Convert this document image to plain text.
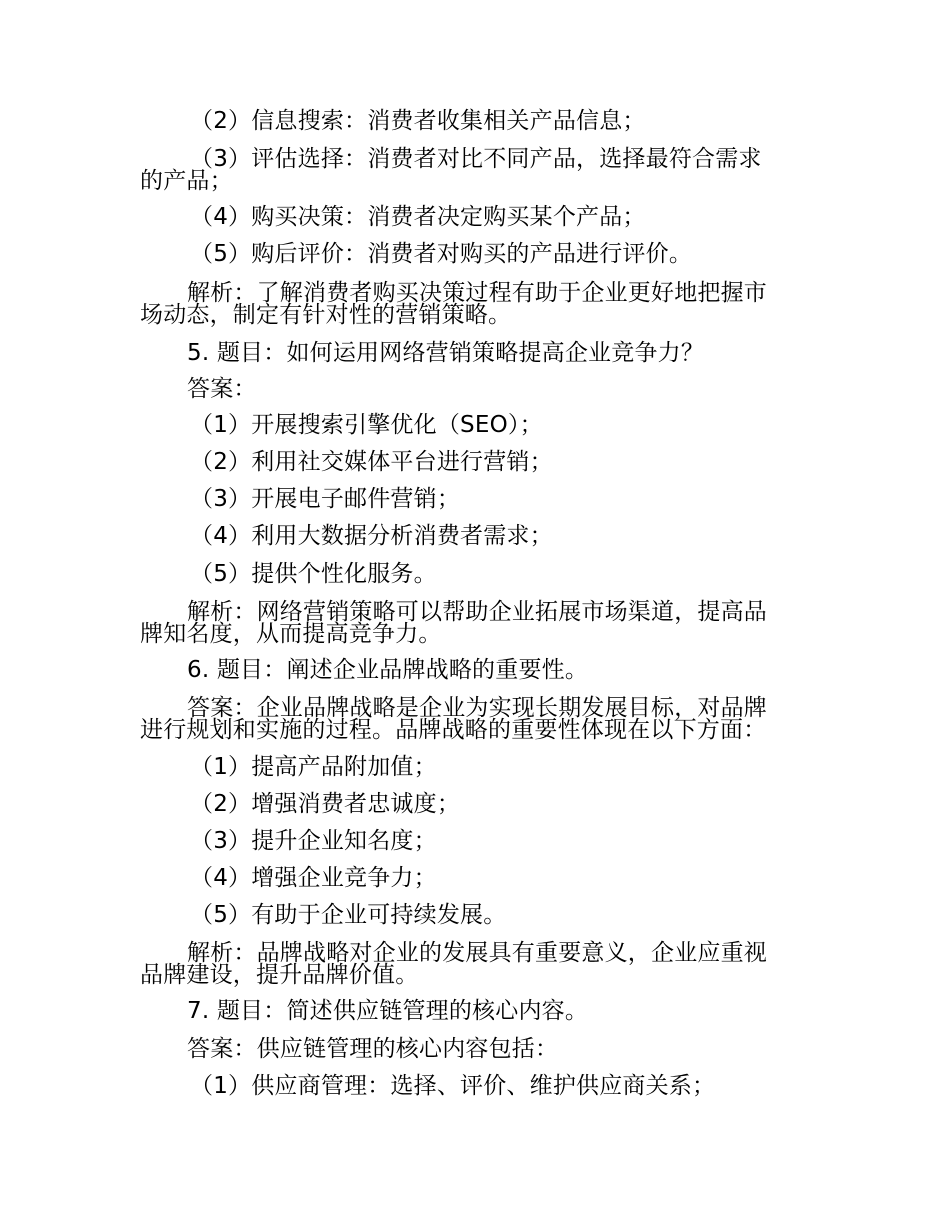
（2）信息搜索：消费者收集相关产品信息；
（3）评估选择：消费者对比不同产品，选择最符合需求
的产品；
（4）购买决策：消费者决定购买某个产品；
（5）购后评价：消费者对购买的产品进行评价。
解析：了解消费者购买决策过程有助于企业更好地把握市
场动态，制定有针对性的营销策略。
5. 题目：如何运用网络营销策略提高企业竞争力？
答案：
（1）开展搜索引擎优化（SEO）；
（2）利用社交媒体平台进行营销；
（3）开展电子邮件营销；
（4）利用大数据分析消费者需求；
（5）提供个性化服务。
解析：网络营销策略可以帮助企业拓展市场渠道，提高品
牌知名度，从而提高竞争力。
6. 题目：阐述企业品牌战略的重要性。
答案：企业品牌战略是企业为实现长期发展目标，对品牌
进行规划和实施的过程。品牌战略的重要性体现在以下方面：
（1）提高产品附加值；
（2）增强消费者忠诚度；
（3）提升企业知名度；
（4）增强企业竞争力；
（5）有助于企业可持续发展。
解析：品牌战略对企业的发展具有重要意义，企业应重视
品牌建设，提升品牌价值。
7. 题目：简述供应链管理的核心内容。
答案：供应链管理的核心内容包括：
（1）供应商管理：选择、评价、维护供应商关系；
